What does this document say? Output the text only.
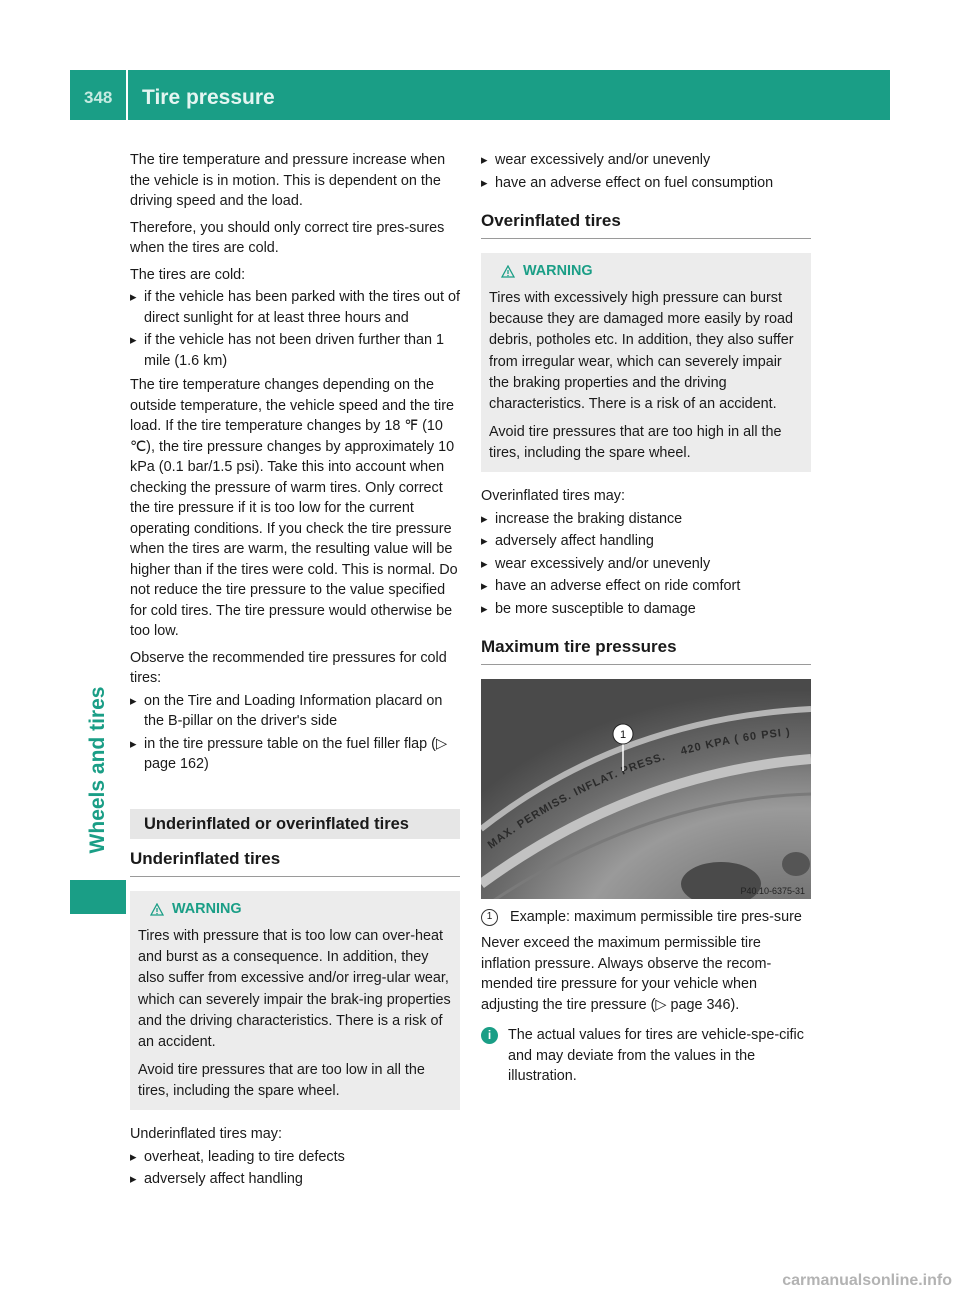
348 Tire pressure
Wheels and tires

The tire temperature and pressure increase when the vehicle is in motion. This is dependent on the driving speed and the load.

Therefore, you should only correct tire pres-sures when the tires are cold.

The tires are cold:

▸ if the vehicle has been parked with the tires out of direct sunlight for at least three hours and
▸ if the vehicle has not been driven further than 1 mile (1.6 km)

The tire temperature changes depending on the outside temperature, the vehicle speed and the tire load. If the tire temperature changes by 18 ℉ (10 ℃), the tire pressure changes by approximately 10 kPa (0.1 bar/1.5 psi). Take this into account when checking the pressure of warm tires. Only correct the tire pressure if it is too low for the current operating conditions. If you check the tire pressure when the tires are warm, the resulting value will be higher than if the tires were cold. This is normal. Do not reduce the tire pressure to the value specified for cold tires. The tire pressure would otherwise be too low.

Observe the recommended tire pressures for cold tires:

▸ on the Tire and Loading Information placard on the B-pillar on the driver's side
▸ in the tire pressure table on the fuel filler flap (▷ page 162)
Underinflated or overinflated tires
Underinflated tires
WARNING

Tires with pressure that is too low can over-heat and burst as a consequence. In addition, they also suffer from excessive and/or irreg-ular wear, which can severely impair the brak-ing properties and the driving characteristics. There is a risk of an accident.

Avoid tire pressures that are too low in all the tires, including the spare wheel.

Underinflated tires may:

▸ overheat, leading to tire defects
▸ adversely affect handling
▸ wear excessively and/or unevenly
▸ have an adverse effect on fuel consumption
Overinflated tires
WARNING

Tires with excessively high pressure can burst because they are damaged more easily by road debris, potholes etc. In addition, they also suffer from irregular wear, which can severely impair the braking properties and the driving characteristics. There is a risk of an accident.

Avoid tire pressures that are too high in all the tires, including the spare wheel.

Overinflated tires may:

▸ increase the braking distance
▸ adversely affect handling
▸ wear excessively and/or unevenly
▸ have an adverse effect on ride comfort
▸ be more susceptible to damage
Maximum tire pressures
MAX. PERMISS. INFLAT. PRESS. 420 KPA ( 60 PSI )
1
P40.10-6375-31
1	Example: maximum permissible tire pres-sure

Never exceed the maximum permissible tire inflation pressure. Always observe the recom-mended tire pressure for your vehicle when adjusting the tire pressure (▷ page 346).

i	The actual values for tires are vehicle-spe-cific and may deviate from the values in the illustration.
carmanualsonline.info
